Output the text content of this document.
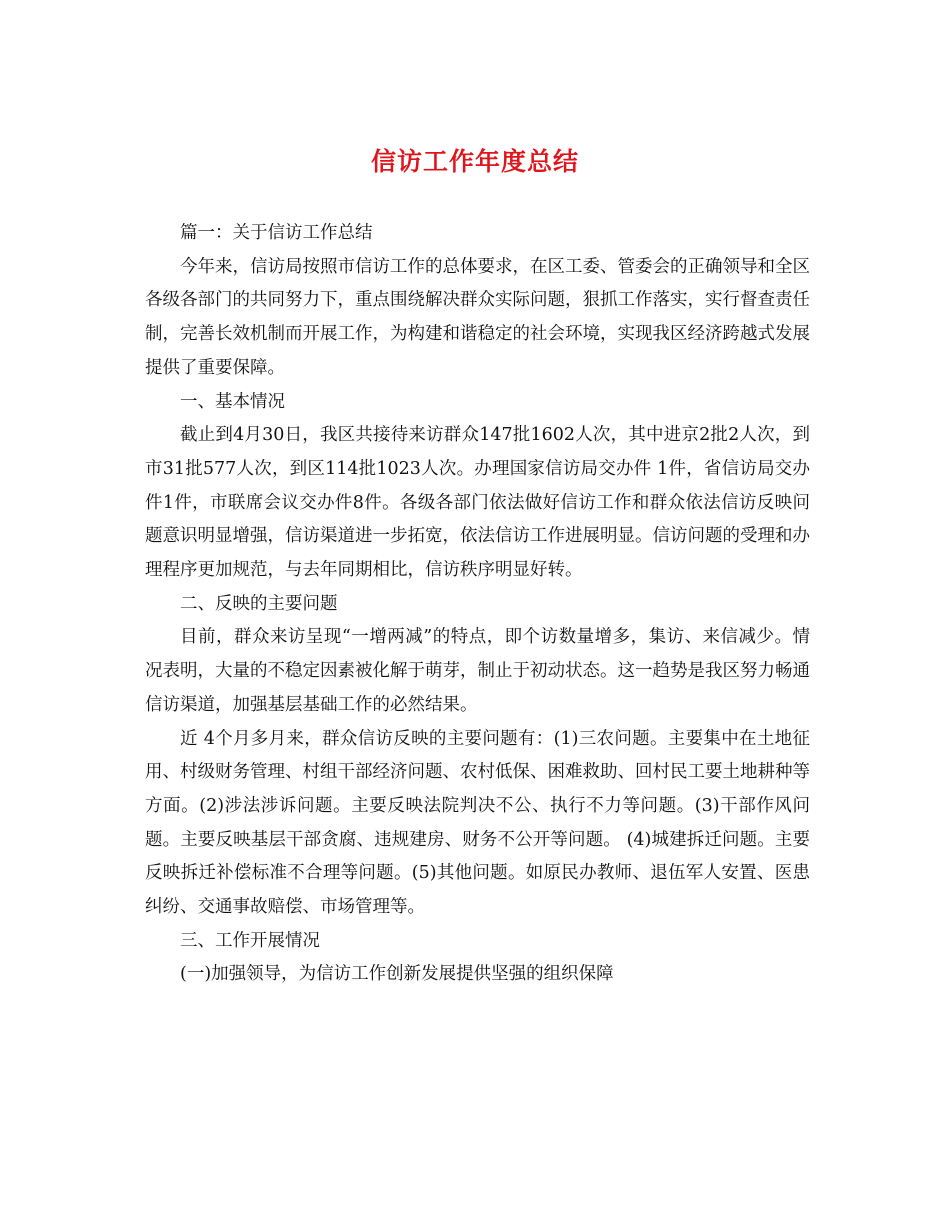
信访工作年度总结

篇一：关于信访工作总结

今年来，信访局按照市信访工作的总体要求，在区工委、管委会的正确领导和全区各级各部门的共同努力下，重点围绕解决群众实际问题，狠抓工作落实，实行督查责任制，完善长效机制而开展工作，为构建和谐稳定的社会环境，实现我区经济跨越式发展提供了重要保障。

一、基本情况

截止到4月30日，我区共接待来访群众147批1602人次，其中进京2批2人次，到市31批577人次，到区114批1023人次。办理国家信访局交办件 1件，省信访局交办件1件，市联席会议交办件8件。各级各部门依法做好信访工作和群众依法信访反映问题意识明显增强，信访渠道进一步拓宽，依法信访工作进展明显。信访问题的受理和办理程序更加规范，与去年同期相比，信访秩序明显好转。

二、反映的主要问题

目前，群众来访呈现“一增两减”的特点，即个访数量增多，集访、来信减少。情况表明，大量的不稳定因素被化解于萌芽，制止于初动状态。这一趋势是我区努力畅通信访渠道，加强基层基础工作的必然结果。

近 4个月多月来，群众信访反映的主要问题有：(1)三农问题。主要集中在土地征用、村级财务管理、村组干部经济问题、农村低保、困难救助、回村民工要土地耕种等方面。(2)涉法涉诉问题。主要反映法院判决不公、执行不力等问题。(3)干部作风问题。主要反映基层干部贪腐、违规建房、财务不公开等问题。 (4)城建拆迁问题。主要反映拆迁补偿标准不合理等问题。(5)其他问题。如原民办教师、退伍军人安置、医患纠纷、交通事故赔偿、市场管理等。

三、工作开展情况

(一)加强领导，为信访工作创新发展提供坚强的组织保障
